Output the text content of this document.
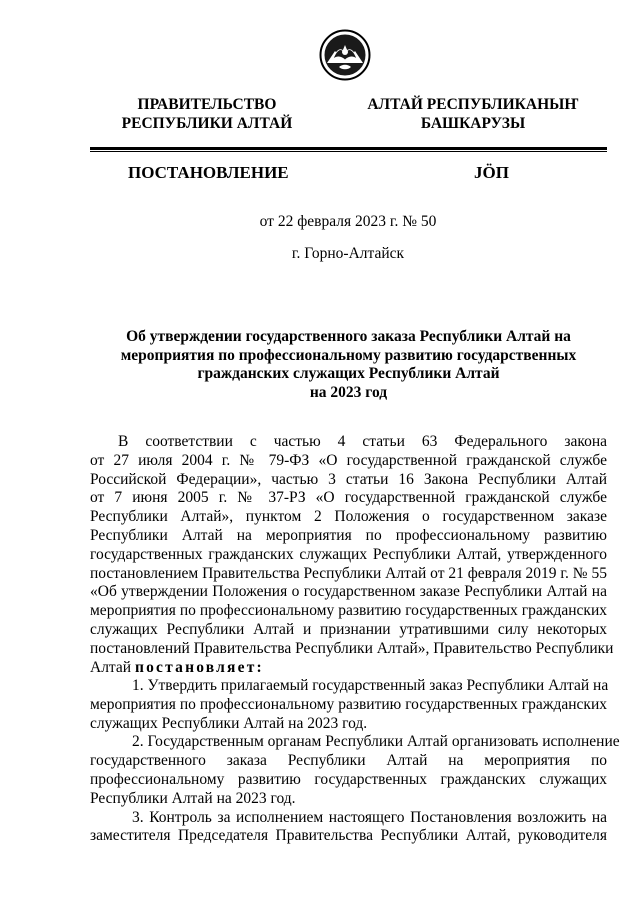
ПРАВИТЕЛЬСТВО
РЕСПУБЛИКИ АЛТАЙ
АЛТАЙ РЕСПУБЛИКАНЫҤ
БАШКАРУЗЫ
ПОСТАНОВЛЕНИЕ	JӦП
от 22 февраля 2023 г. № 50
г. Горно-Алтайск
Об утверждении государственного заказа Республики Алтай на
мероприятия по профессиональному развитию государственных
гражданских служащих Республики Алтай
на 2023 год
В соответствии с частью 4 статьи 63 Федерального закона
от 27 июля 2004 г. № 79-ФЗ «О государственной гражданской службе
Российской Федерации», частью 3 статьи 16 Закона Республики Алтай
от 7 июня 2005 г. № 37-РЗ «О государственной гражданской службе
Республики Алтай», пунктом 2 Положения о государственном заказе
Республики Алтай на мероприятия по профессиональному развитию
государственных гражданских служащих Республики Алтай, утвержденного
постановлением Правительства Республики Алтай от 21 февраля 2019 г. № 55
«Об утверждении Положения о государственном заказе Республики Алтай на
мероприятия по профессиональному развитию государственных гражданских
служащих Республики Алтай и признании утратившими силу некоторых
постановлений Правительства Республики Алтай», Правительство Республики
Алтай постановляет:
1. Утвердить прилагаемый государственный заказ Республики Алтай на
мероприятия по профессиональному развитию государственных гражданских
служащих Республики Алтай на 2023 год.
2. Государственным органам Республики Алтай организовать исполнение
государственного заказа Республики Алтай на мероприятия по
профессиональному развитию государственных гражданских служащих
Республики Алтай на 2023 год.
3. Контроль за исполнением настоящего Постановления возложить на
заместителя Председателя Правительства Республики Алтай, руководителя
